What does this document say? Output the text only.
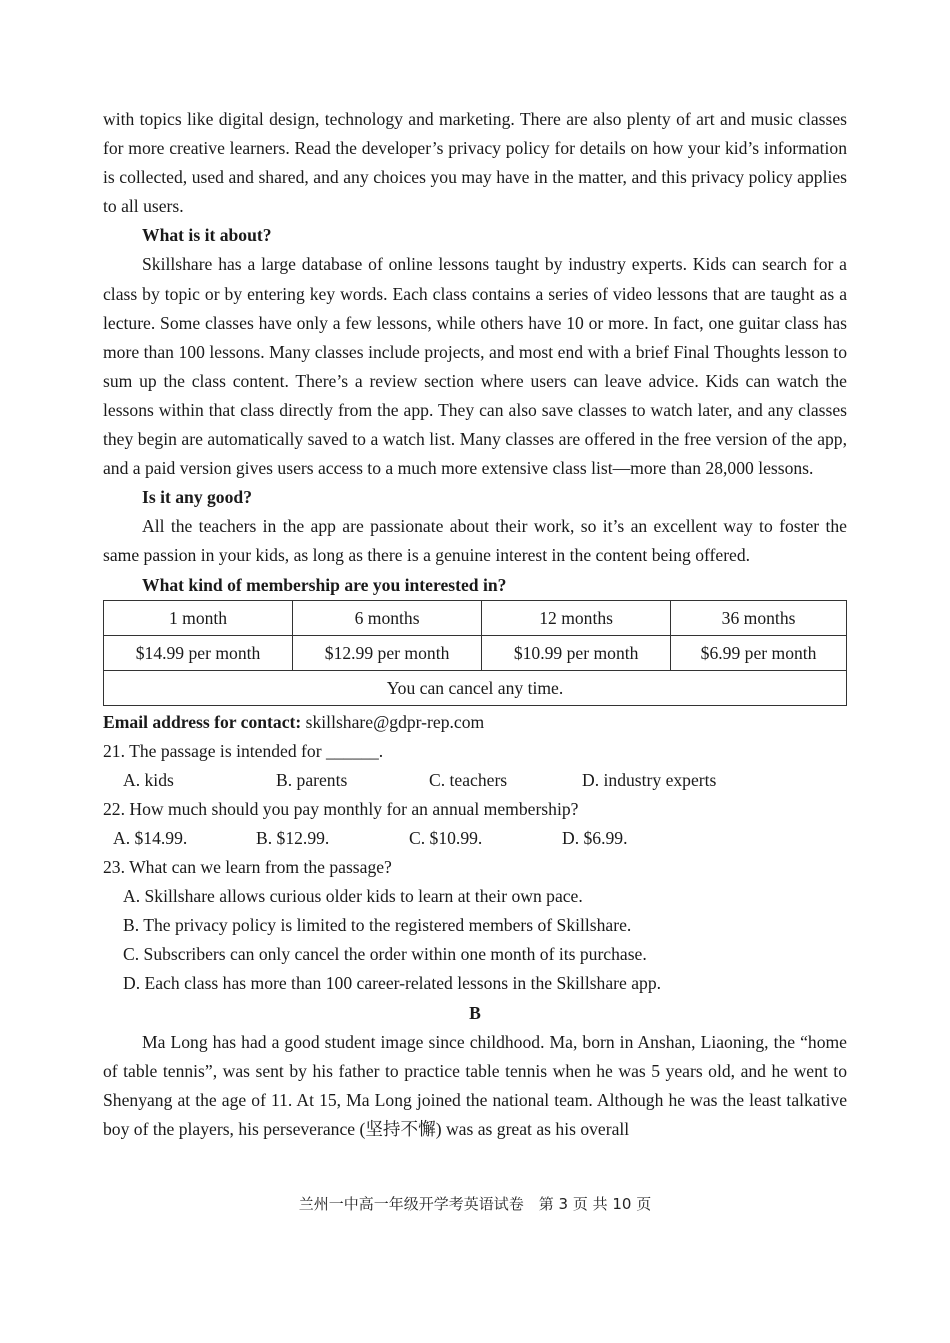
with topics like digital design, technology and marketing. There are also plenty of art and music classes for more creative learners. Read the developer’s privacy policy for details on how your kid’s information is collected, used and shared, and any choices you may have in the matter, and this privacy policy applies to all users.

What is it about?

Skillshare has a large database of online lessons taught by industry experts. Kids can search for a class by topic or by entering key words. Each class contains a series of video lessons that are taught as a lecture. Some classes have only a few lessons, while others have 10 or more. In fact, one guitar class has more than 100 lessons. Many classes include projects, and most end with a brief Final Thoughts lesson to sum up the class content. There’s a review section where users can leave advice. Kids can watch the lessons within that class directly from the app. They can also save classes to watch later, and any classes they begin are automatically saved to a watch list. Many classes are offered in the free version of the app, and a paid version gives users access to a much more extensive class list—more than 28,000 lessons.

Is it any good?

All the teachers in the app are passionate about their work, so it’s an excellent way to foster the same passion in your kids, as long as there is a genuine interest in the content being offered.

What kind of membership are you interested in?

1 month	6 months	12 months	36 months
$14.99 per month	$12.99 per month	$10.99 per month	$6.99 per month
You can cancel any time.			

Email address for contact: skillshare@gdpr-rep.com

21. The passage is intended for ______.

A. kids	B. parents	C. teachers	D. industry experts

22. How much should you pay monthly for an annual membership?

A. $14.99.	B. $12.99.	C. $10.99.	D. $6.99.

23. What can we learn from the passage?

A. Skillshare allows curious older kids to learn at their own pace.

B. The privacy policy is limited to the registered members of Skillshare.

C. Subscribers can only cancel the order within one month of its purchase.

D. Each class has more than 100 career-related lessons in the Skillshare app.

B

Ma Long has had a good student image since childhood. Ma, born in Anshan, Liaoning, the “home of table tennis”, was sent by his father to practice table tennis when he was 5 years old, and he went to Shenyang at the age of 11. At 15, Ma Long joined the national team. Although he was the least talkative boy of the players, his perseverance (坚持不懈) was as great as his overall

兰州一中高一年级开学考英语试卷　第 3 页 共 10 页
